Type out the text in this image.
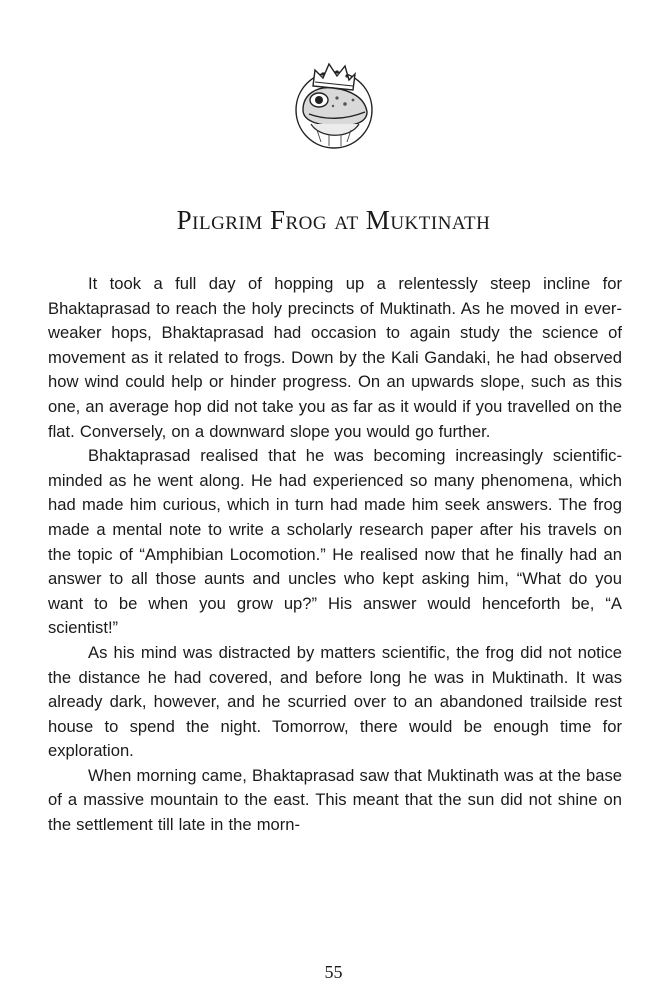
Pilgrim Frog at Muktinath

It took a full day of hopping up a relentessly steep incline for Bhaktaprasad to reach the holy precincts of Muktinath. As he moved in ever-weaker hops, Bhaktaprasad had occasion to again study the science of movement as it related to frogs. Down by the Kali Gandaki, he had observed how wind could help or hinder progress. On an upwards slope, such as this one, an average hop did not take you as far as it would if you travelled on the flat. Conversely, on a downward slope you would go further.

Bhaktaprasad realised that he was becoming increasingly scientific-minded as he went along. He had experienced so many phenomena, which had made him curious, which in turn had made him seek answers. The frog made a mental note to write a scholarly research paper after his travels on the topic of “Amphibian Locomotion.” He realised now that he finally had an answer to all those aunts and uncles who kept asking him, “What do you want to be when you grow up?” His answer would henceforth be, “A scientist!”

As his mind was distracted by matters scientific, the frog did not notice the distance he had covered, and before long he was in Muktinath. It was already dark, however, and he scurried over to an abandoned trailside rest house to spend the night. Tomorrow, there would be enough time for exploration.

When morning came, Bhaktaprasad saw that Muktinath was at the base of a massive mountain to the east. This meant that the sun did not shine on the settlement till late in the morn-

55
